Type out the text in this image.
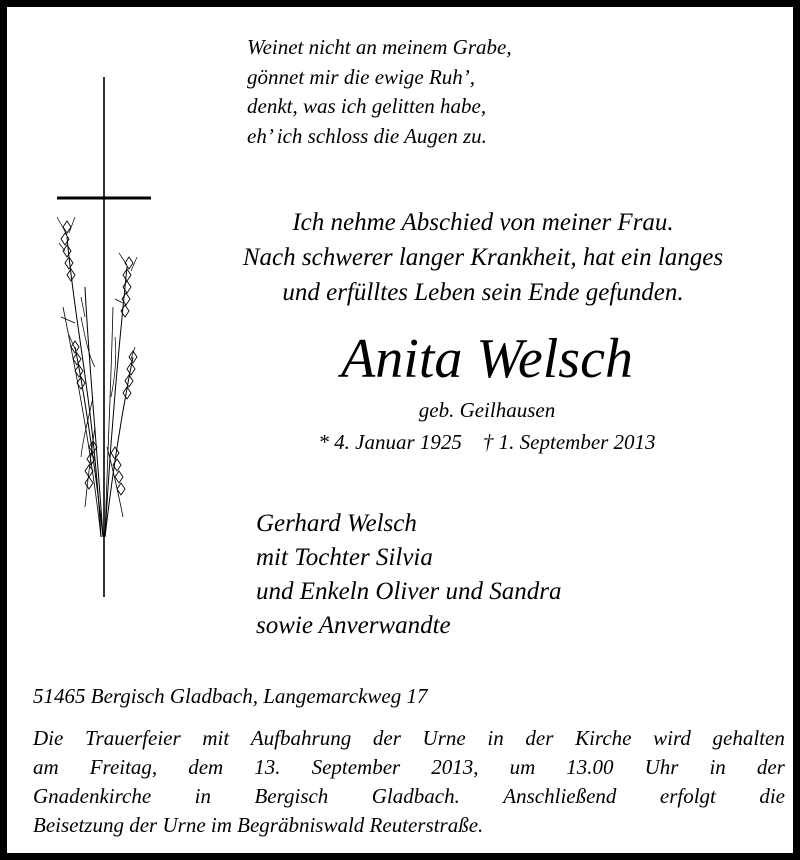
Weinet nicht an meinem Grabe,
gönnet mir die ewige Ruh’,
denkt, was ich gelitten habe,
eh’ ich schloss die Augen zu.
Ich nehme Abschied von meiner Frau.
Nach schwerer langer Krankheit, hat ein langes
und erfülltes Leben sein Ende gefunden.
Anita Welsch
geb. Geilhausen
* 4. Januar 1925 † 1. September 2013
Gerhard Welsch
mit Tochter Silvia
und Enkeln Oliver und Sandra
sowie Anverwandte
51465 Bergisch Gladbach, Langemarckweg 17
Die Trauerfeier mit Aufbahrung der Urne in der Kirche wird gehalten
am Freitag, dem 13. September 2013, um 13.00 Uhr in der
Gnadenkirche in Bergisch Gladbach. Anschließend erfolgt die
Beisetzung der Urne im Begräbniswald Reuterstraße.
